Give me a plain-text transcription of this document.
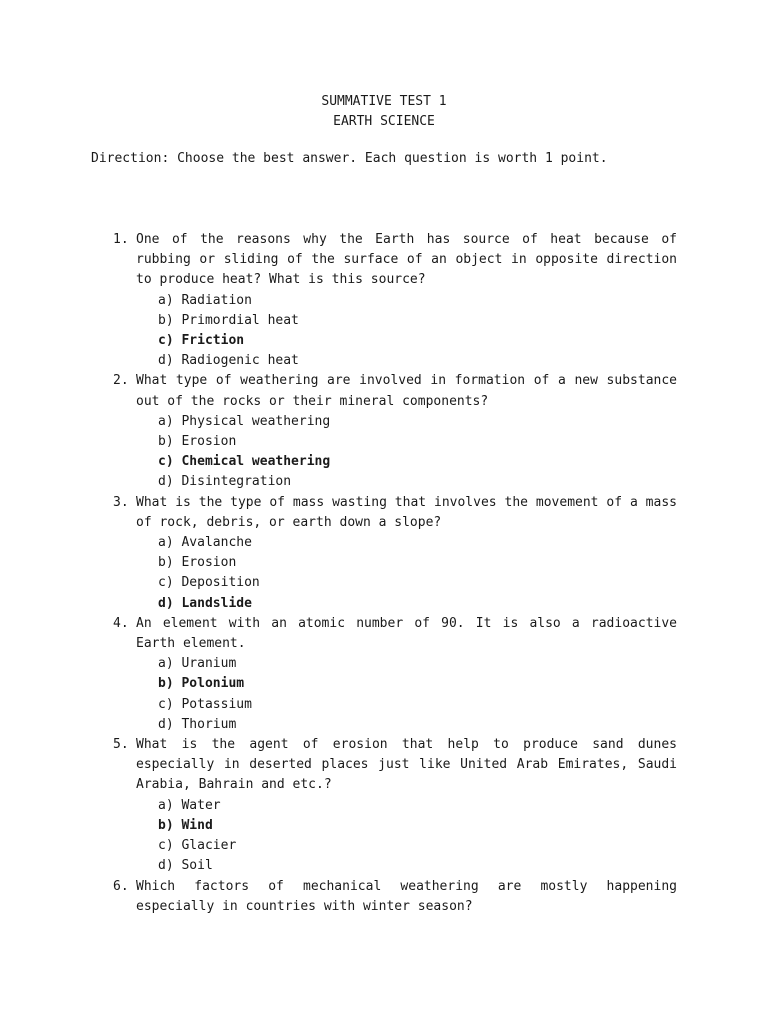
SUMMATIVE TEST 1
EARTH SCIENCE
Direction: Choose the best answer. Each question is worth 1 point.
1. One of the reasons why the Earth has source of heat because of rubbing or sliding of the surface of an object in opposite direction to produce heat? What is this source?
a) Radiation
b) Primordial heat
c) Friction
d) Radiogenic heat
2. What type of weathering are involved in formation of a new substance out of the rocks or their mineral components?
a) Physical weathering
b) Erosion
c) Chemical weathering
d) Disintegration
3. What is the type of mass wasting that involves the movement of a mass of rock, debris, or earth down a slope?
a) Avalanche
b) Erosion
c) Deposition
d) Landslide
4. An element with an atomic number of 90. It is also a radioactive Earth element.
a) Uranium
b) Polonium
c) Potassium
d) Thorium
5. What is the agent of erosion that help to produce sand dunes especially in deserted places just like United Arab Emirates, Saudi Arabia, Bahrain and etc.?
a) Water
b) Wind
c) Glacier
d) Soil
6. Which factors of mechanical weathering are mostly happening especially in countries with winter season?
